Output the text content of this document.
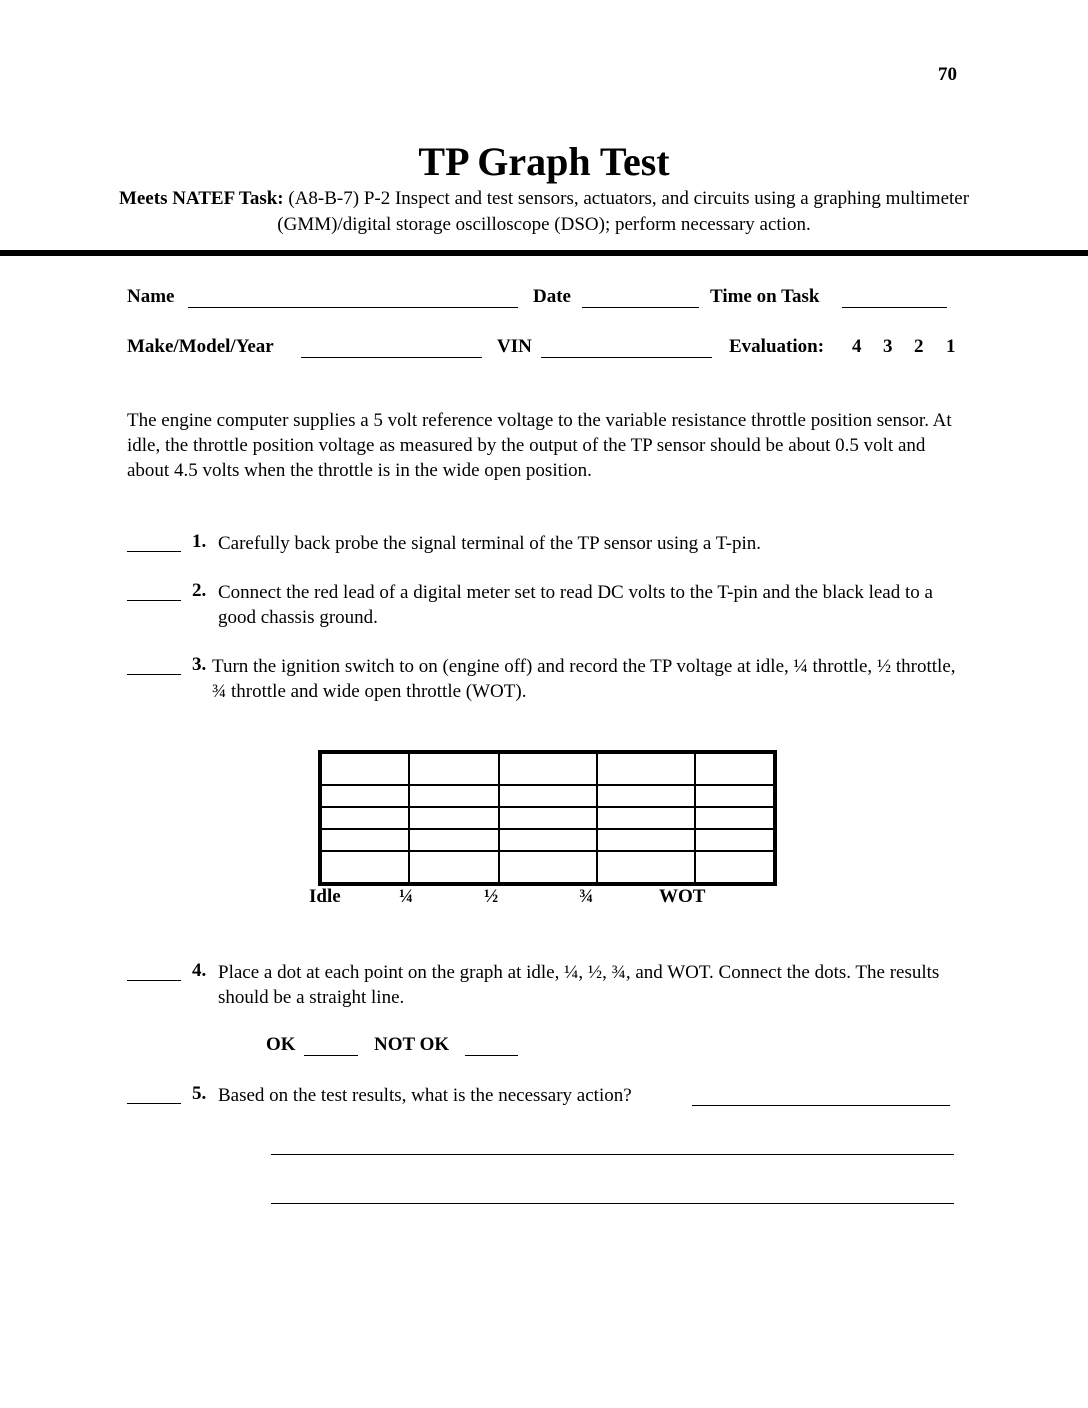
70
TP Graph Test
Meets NATEF Task: (A8-B-7) P-2 Inspect and test sensors, actuators, and circuits using a graphing multimeter (GMM)/digital storage oscilloscope (DSO); perform necessary action.
Name	Date	Time on Task
Make/Model/Year	VIN	Evaluation: 4 3 2 1
The engine computer supplies a 5 volt reference voltage to the variable resistance throttle position sensor. At idle, the throttle position voltage as measured by the output of the TP sensor should be about 0.5 volt and about 4.5 volts when the throttle is in the wide open position.
1. Carefully back probe the signal terminal of the TP sensor using a T-pin.
2. Connect the red lead of a digital meter set to read DC volts to the T-pin and the black lead to a good chassis ground.
3. Turn the ignition switch to on (engine off) and record the TP voltage at idle, ¼ throttle, ½ throttle, ¾ throttle and wide open throttle (WOT).

Idle	¼	½	¾	WOT
4. Place a dot at each point on the graph at idle, ¼, ½, ¾, and WOT. Connect the dots. The results should be a straight line.
OK	NOT OK
5. Based on the test results, what is the necessary action?
